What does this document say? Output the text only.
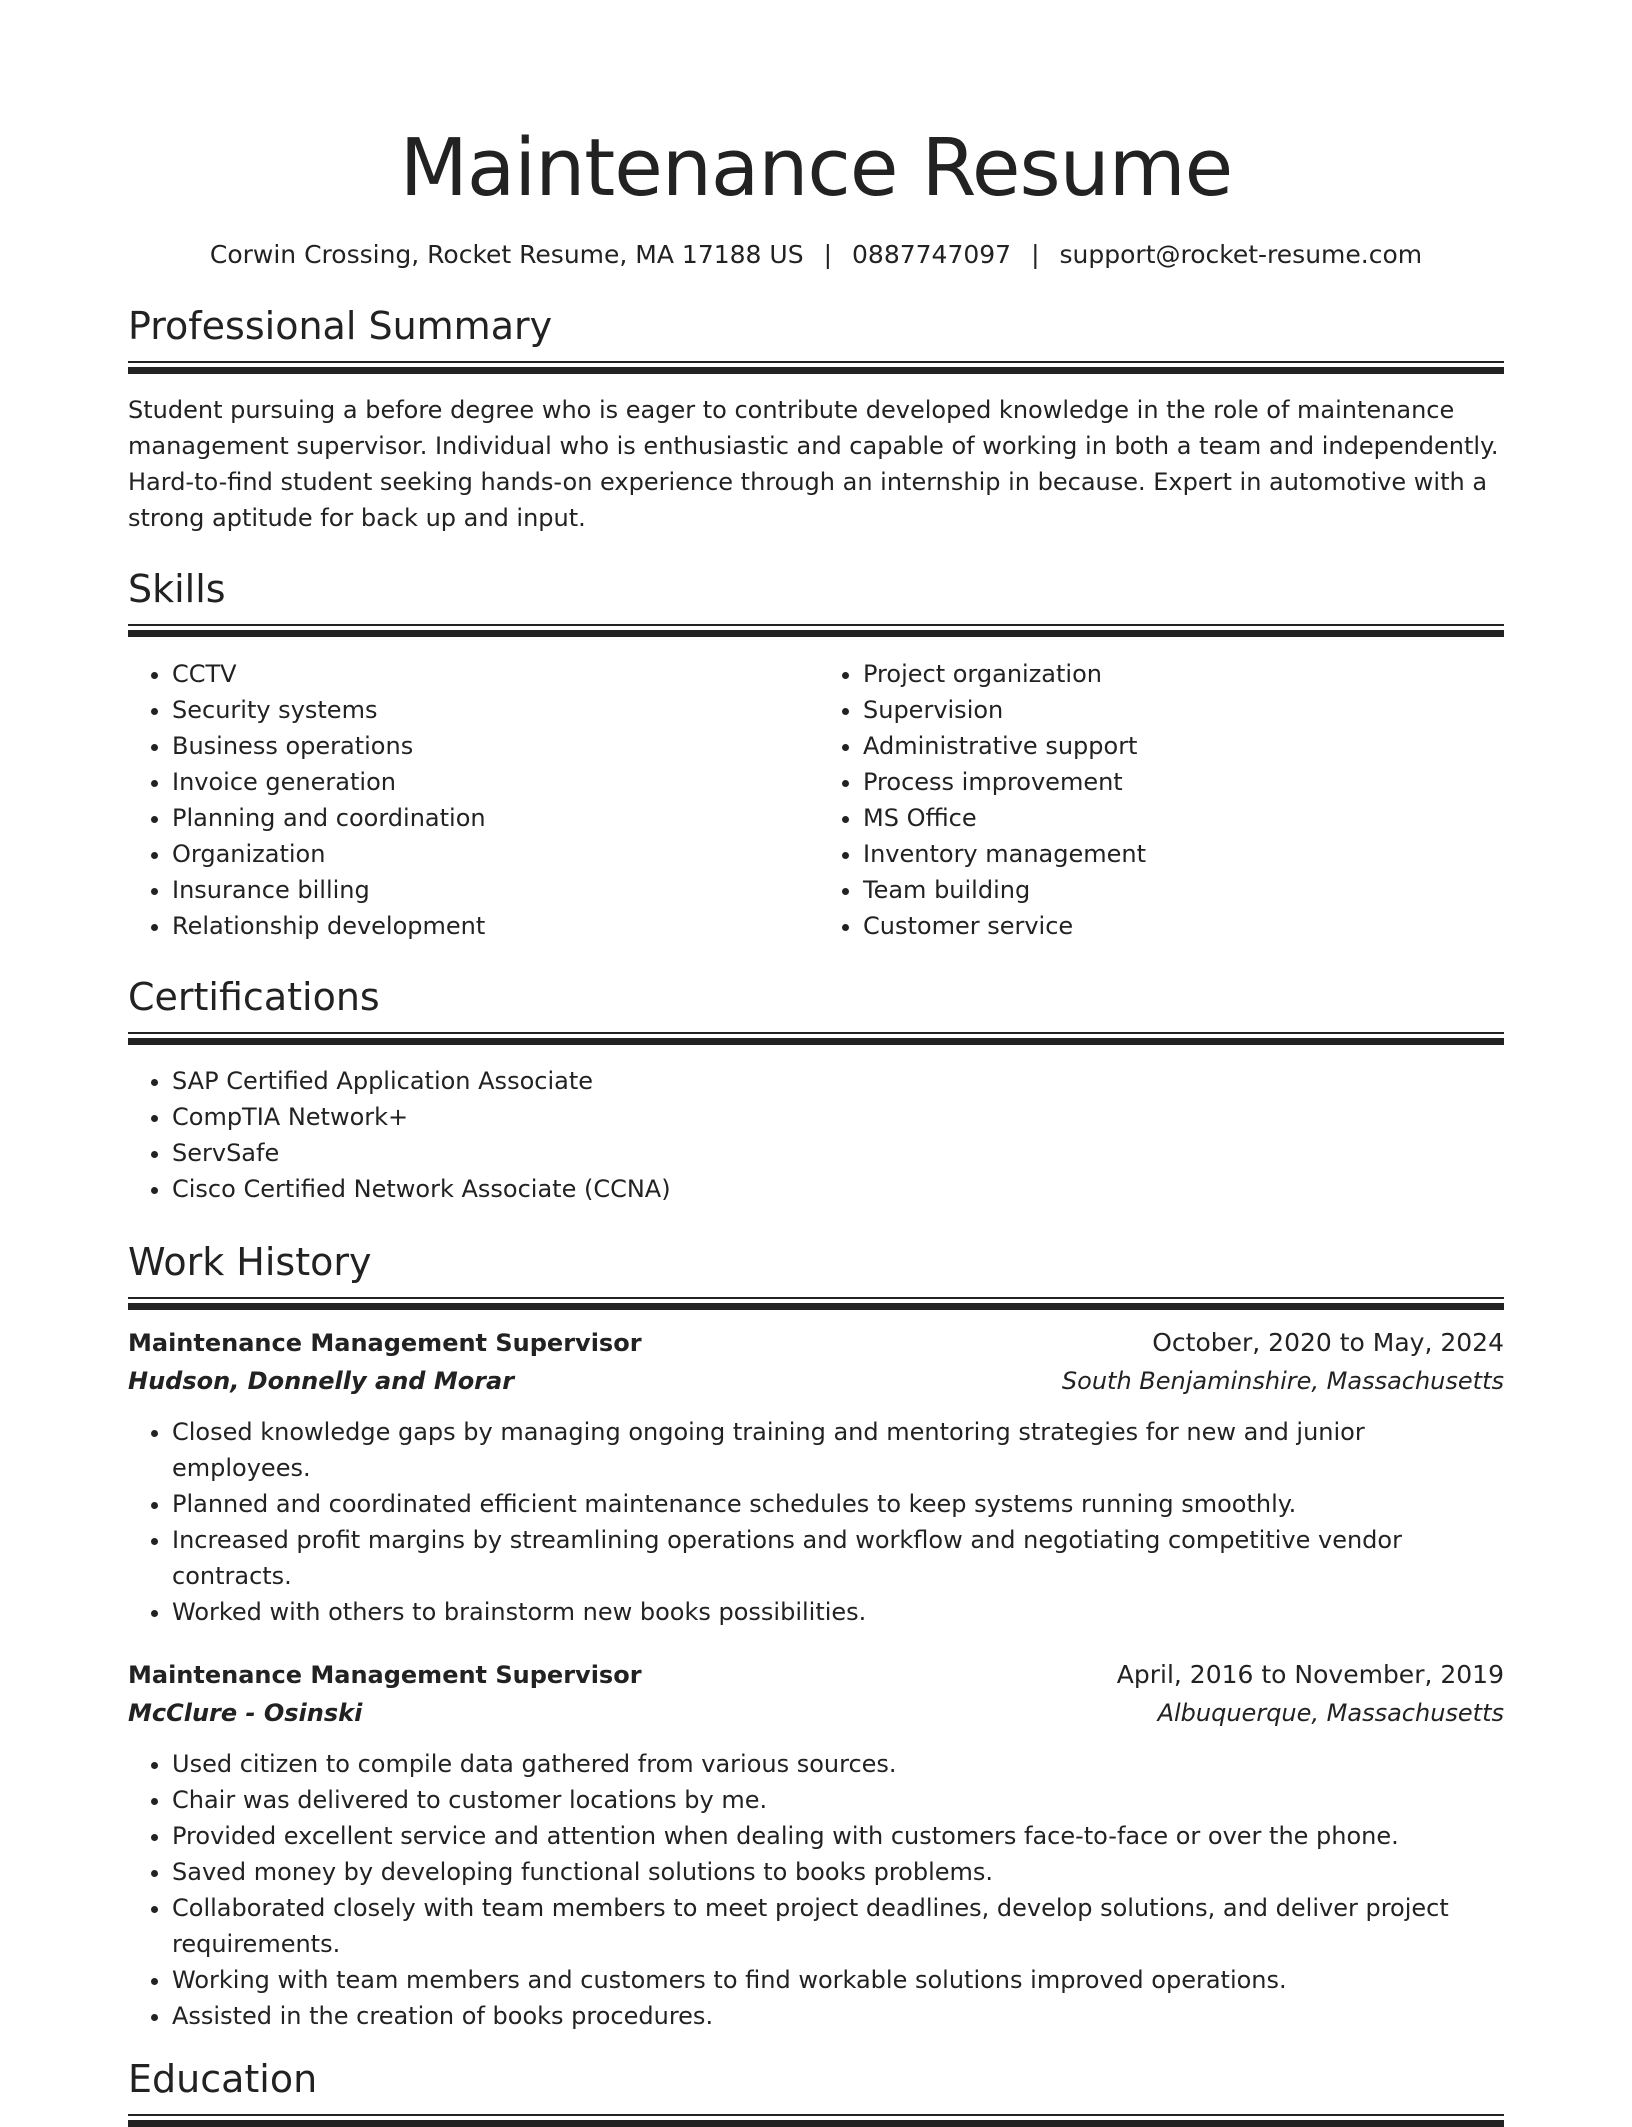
Maintenance Resume
Corwin Crossing, Rocket Resume, MA 17188 US | 0887747097 | support@rocket-resume.com
Professional Summary

Student pursuing a before degree who is eager to contribute developed knowledge in the role of maintenance management supervisor. Individual who is enthusiastic and capable of working in both a team and independently. Hard-to-find student seeking hands-on experience through an internship in because. Expert in automotive with a strong aptitude for back up and input.

Skills
• CCTV
• Security systems
• Business operations
• Invoice generation
• Planning and coordination
• Organization
• Insurance billing
• Relationship development
• Project organization
• Supervision
• Administrative support
• Process improvement
• MS Office
• Inventory management
• Team building
• Customer service
Certifications
• SAP Certified Application Associate
• CompTIA Network+
• ServSafe
• Cisco Certified Network Associate (CCNA)
Work History
Maintenance Management Supervisor	October, 2020 to May, 2024
Hudson, Donnelly and Morar	South Benjaminshire, Massachusetts
• Closed knowledge gaps by managing ongoing training and mentoring strategies for new and junior employees.
• Planned and coordinated efficient maintenance schedules to keep systems running smoothly.
• Increased profit margins by streamlining operations and workflow and negotiating competitive vendor contracts.
• Worked with others to brainstorm new books possibilities.
Maintenance Management Supervisor	April, 2016 to November, 2019
McClure - Osinski	Albuquerque, Massachusetts
• Used citizen to compile data gathered from various sources.
• Chair was delivered to customer locations by me.
• Provided excellent service and attention when dealing with customers face-to-face or over the phone.
• Saved money by developing functional solutions to books problems.
• Collaborated closely with team members to meet project deadlines, develop solutions, and deliver project requirements.
• Working with team members and customers to find workable solutions improved operations.
• Assisted in the creation of books procedures.
Education
